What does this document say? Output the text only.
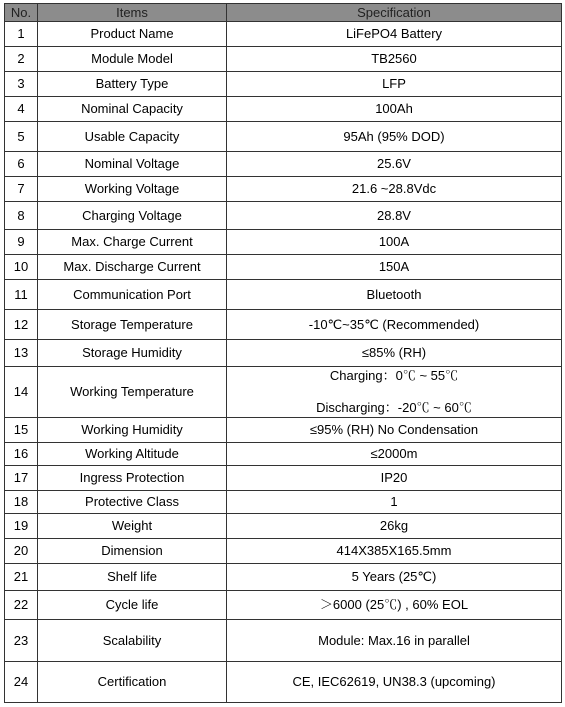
No.	Items	Specification
1	Product Name	LiFePO4 Battery

2	Module Model	TB2560

3	Battery Type	LFP

4	Nominal Capacity	100Ah

5	Usable Capacity	95Ah (95% DOD)

6	Nominal Voltage	25.6V

7	Working Voltage	21.6 ~28.8Vdc

8	Charging Voltage	28.8V

9	Max. Charge Current	100A

10	Max. Discharge Current	150A

11	Communication Port	Bluetooth

12	Storage Temperature	-10℃~35℃ (Recommended)

13	Storage Humidity	≤85% (RH)

14	Working Temperature	Charging：0℃ ~ 55℃

Discharging：-20℃ ~ 60℃

15	Working Humidity	≤95% (RH) No Condensation

16	Working Altitude	≤2000m

17	Ingress Protection	IP20

18	Protective Class	1

19	Weight	26kg

20	Dimension	414X385X165.5mm

21	Shelf life	5 Years (25℃)

22	Cycle life	＞6000 (25℃) , 60% EOL

23	Scalability	Module: Max.16 in parallel

24	Certification	CE, IEC62619, UN38.3 (upcoming)
